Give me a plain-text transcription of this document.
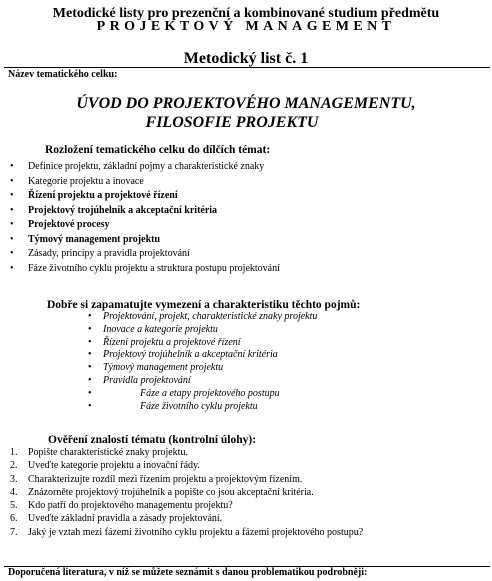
Metodické listy pro prezenční a kombinované studium předmětu
PROJEKTOVÝ MANAGEMENT
Metodický list č. 1
Název tematického celku:
ÚVOD DO PROJEKTOVÉHO MANAGEMENTU,
FILOSOFIE PROJEKTU
Rozložení tematického celku do dílčích témat:
• Definice projektu, základní pojmy a charakteristické znaky
• Kategorie projektu a inovace
• Řízení projektu a projektové řízení
• Projektový trojúhelník a akceptační kritéria
• Projektové procesy
• Týmový management projektu
• Zásady, principy a pravidla projektování
• Fáze životního cyklu projektu a struktura postupu projektování
Dobře si zapamatujte vymezení a charakteristiku těchto pojmů:
• Projektování, projekt, charakteristické znaky projektu
• Inovace a kategorie projektu
• Řízení projektu a projektové řízení
• Projektový trojúhelník a akceptační kritéria
• Týmový management projektu
• Pravidla projektování
•	Fáze a etapy projektového postupu
•	Fáze životního cyklu projektu
Ověření znalostí tématu (kontrolní úlohy):
1. Popište charakteristické znaky projektu.
2. Uveďte kategorie projektu a inovační řády.
3. Charakterizujte rozdíl mezi řízením projektu a projektovým řízením.
4. Znázorněte projektový trojúhelník a popište co jsou akceptační kritéria.
5. Kdo patří do projektového managementu projektu?
6. Uveďte základní pravidla a zásady projektování.
7. Jaký je vztah mezi fázemi životního cyklu projektu a fázemi projektového postupu?
Doporučená literatura, v níž se můžete seznámit s danou problematikou podrobněji:
